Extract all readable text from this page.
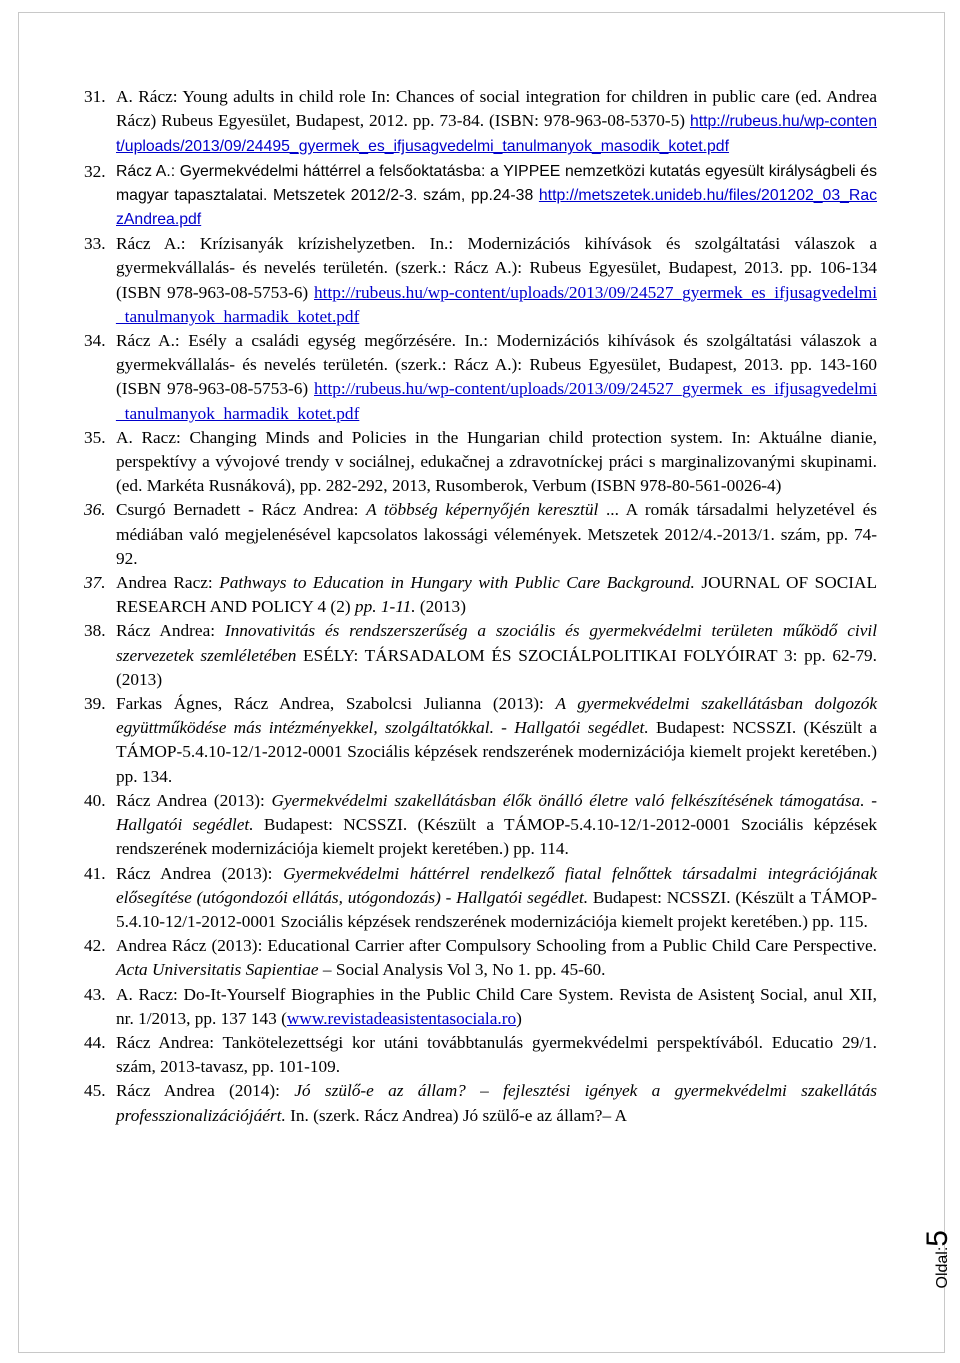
31. A. Rácz: Young adults in child role In: Chances of social integration for children in public care (ed. Andrea Rácz) Rubeus Egyesület, Budapest, 2012. pp. 73-84. (ISBN: 978-963-08-5370-5) http://rubeus.hu/wp-content/uploads/2013/09/24495_gyermek_es_ifjusagvedelmi_tanulmanyok_masodik_kotet.pdf
32. Rácz A.: Gyermekvédelmi háttérrel a felsőoktatásba: a YIPPEE nemzetközi kutatás egyesült királyságbeli és magyar tapasztalatai. Metszetek 2012/2-3. szám, pp.24-38 http://metszetek.unideb.hu/files/201202_03_RaczAndrea.pdf
33. Rácz A.: Krízisanyák krízishelyzetben. In.: Modernizációs kihívások és szolgáltatási válaszok a gyermekvállalás- és nevelés területén. (szerk.: Rácz A.): Rubeus Egyesület, Budapest, 2013. pp. 106-134 (ISBN 978-963-08-5753-6) http://rubeus.hu/wp-content/uploads/2013/09/24527_gyermek_es_ifjusagvedelmi_tanulmanyok_harmadik_kotet.pdf
34. Rácz A.: Esély a családi egység megőrzésére. In.: Modernizációs kihívások és szolgáltatási válaszok a gyermekvállalás- és nevelés területén. (szerk.: Rácz A.): Rubeus Egyesület, Budapest, 2013. pp. 143-160 (ISBN 978-963-08-5753-6) http://rubeus.hu/wp-content/uploads/2013/09/24527_gyermek_es_ifjusagvedelmi_tanulmanyok_harmadik_kotet.pdf
35. A. Racz: Changing Minds and Policies in the Hungarian child protection system. In: Aktuálne dianie, perspektívy a vývojové trendy v sociálnej, edukačnej a zdravotníckej práci s marginalizovanými skupinami. (ed. Markéta Rusnáková), pp. 282-292, 2013, Rusomberok, Verbum (ISBN 978-80-561-0026-4)
36. Csurgó Bernadett - Rácz Andrea: A többség képernyőjén keresztül ... A romák társadalmi helyzetével és médiában való megjelenésével kapcsolatos lakossági vélemények. Metszetek 2012/4.-2013/1. szám, pp. 74-92.
37. Andrea Racz: Pathways to Education in Hungary with Public Care Background. JOURNAL OF SOCIAL RESEARCH AND POLICY 4 (2) pp. 1-11. (2013)
38. Rácz Andrea: Innovativitás és rendszerszerűség a szociális és gyermekvédelmi területen működő civil szervezetek szemléletében ESÉLY: TÁRSADALOM ÉS SZOCIÁLPOLITIKAI FOLYÓIRAT 3: pp. 62-79.(2013)
39. Farkas Ágnes, Rácz Andrea, Szabolcsi Julianna (2013): A gyermekvédelmi szakellátásban dolgozók együttműködése más intézményekkel, szolgáltatókkal. - Hallgatói segédlet. Budapest: NCSSZI. (Készült a TÁMOP-5.4.10-12/1-2012-0001 Szociális képzések rendszerének modernizációja kiemelt projekt keretében.) pp. 134.
40. Rácz Andrea (2013): Gyermekvédelmi szakellátásban élők önálló életre való felkészítésének támogatása. - Hallgatói segédlet. Budapest: NCSSZI. (Készült a TÁMOP-5.4.10-12/1-2012-0001 Szociális képzések rendszerének modernizációja kiemelt projekt keretében.) pp. 114.
41. Rácz Andrea (2013): Gyermekvédelmi háttérrel rendelkező fiatal felnőttek társadalmi integrációjának elősegítése (utógondozói ellátás, utógondozás) - Hallgatói segédlet. Budapest: NCSSZI. (Készült a TÁMOP-5.4.10-12/1-2012-0001 Szociális képzések rendszerének modernizációja kiemelt projekt keretében.) pp. 115.
42. Andrea Rácz (2013): Educational Carrier after Compulsory Schooling from a Public Child Care Perspective. Acta Universitatis Sapientiae – Social Analysis Vol 3, No 1. pp. 45-60.
43. A. Racz: Do-It-Yourself Biographies in the Public Child Care System. Revista de Asistenţ Social, anul XII, nr. 1/2013, pp. 137 143 (www.revistadeasistentasociala.ro)
44. Rácz Andrea: Tankötelezettségi kor utáni továbbtanulás gyermekvédelmi perspektívából. Educatio 29/1. szám, 2013-tavasz, pp. 101-109.
45. Rácz Andrea (2014): Jó szülő-e az állam? – fejlesztési igények a gyermekvédelmi szakellátás professzionalizációjáért. In. (szerk. Rácz Andrea) Jó szülő-e az állam?– A
Oldal:5
